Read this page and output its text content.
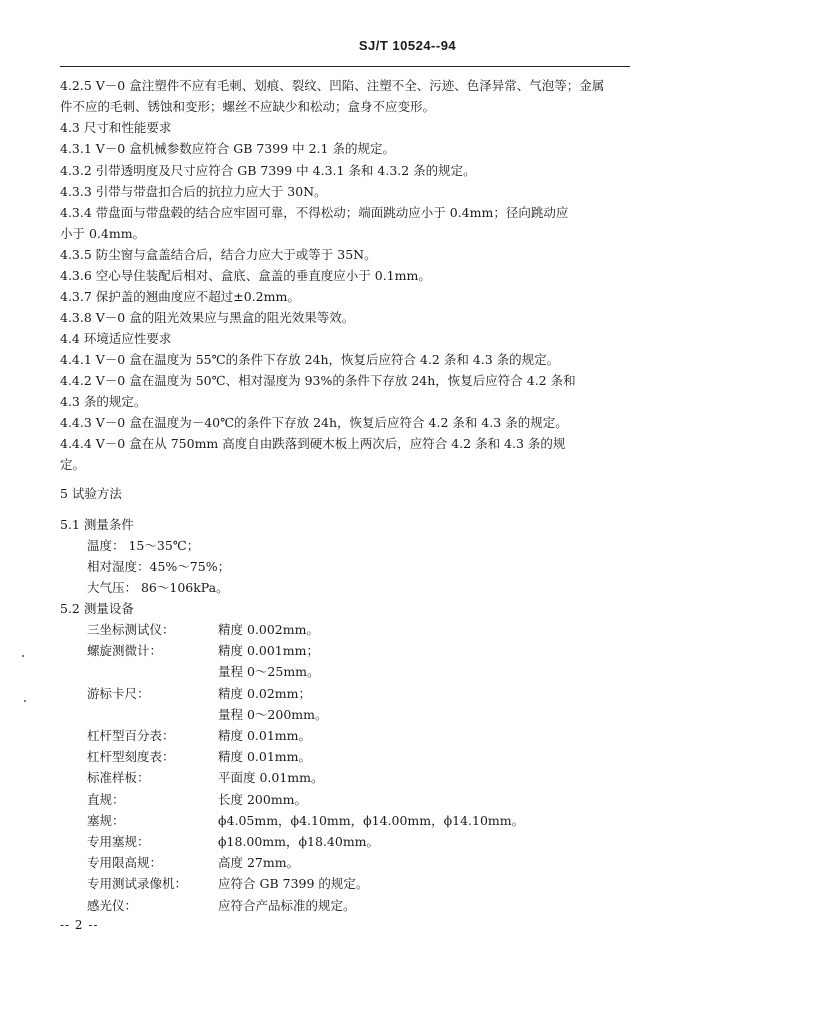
SJ/T 10524--94
4.2.5 V－0 盒注塑件不应有毛刺、划痕、裂纹、凹陷、注塑不全、污迹、色泽异常、气泡等；金属
件不应的毛刺、锈蚀和变形；螺丝不应缺少和松动；盒身不应变形。
4.3 尺寸和性能要求
4.3.1 V－0 盒机械参数应符合 GB 7399 中 2.1 条的规定。
4.3.2 引带透明度及尺寸应符合 GB 7399 中 4.3.1 条和 4.3.2 条的规定。
4.3.3 引带与带盘扣合后的抗拉力应大于 30N。
4.3.4 带盘面与带盘毂的结合应牢固可靠，不得松动；端面跳动应小于 0.4mm；径向跳动应
小于 0.4mm。
4.3.5 防尘窗与盒盖结合后，结合力应大于或等于 35N。
4.3.6 空心导住装配后相对、盒底、盒盖的垂直度应小于 0.1mm。
4.3.7 保护盖的翘曲度应不超过±0.2mm。
4.3.8 V－0 盒的阻光效果应与黑盒的阻光效果等效。
4.4 环境适应性要求
4.4.1 V－0 盒在温度为 55℃的条件下存放 24h，恢复后应符合 4.2 条和 4.3 条的规定。
4.4.2 V－0 盒在温度为 50℃、相对湿度为 93%的条件下存放 24h，恢复后应符合 4.2 条和
4.3 条的规定。
4.4.3 V－0 盒在温度为－40℃的条件下存放 24h，恢复后应符合 4.2 条和 4.3 条的规定。
4.4.4 V－0 盒在从 750mm 高度自由跌落到硬木板上两次后，应符合 4.2 条和 4.3 条的规
定。
5 试验方法
5.1 测量条件
温度： 15～35℃；
相对湿度：45%～75%；
大气压： 86～106kPa。
5.2 测量设备
三坐标测试仪：	精度 0.002mm。
螺旋测微计：	精度 0.001mm；
量程 0～25mm。
游标卡尺：	精度 0.02mm；
量程 0～200mm。
杠杆型百分表：	精度 0.01mm。
杠杆型刻度表：	精度 0.01mm。
标准样板：	平面度 0.01mm。
直规：	长度 200mm。
塞规：	ϕ4.05mm，ϕ4.10mm，ϕ14.00mm，ϕ14.10mm。
专用塞规：	ϕ18.00mm，ϕ18.40mm。
专用限高规：	高度 27mm。
专用测试录像机： 应符合 GB 7399 的规定。
感光仪：	应符合产品标准的规定。
-- 2 --
